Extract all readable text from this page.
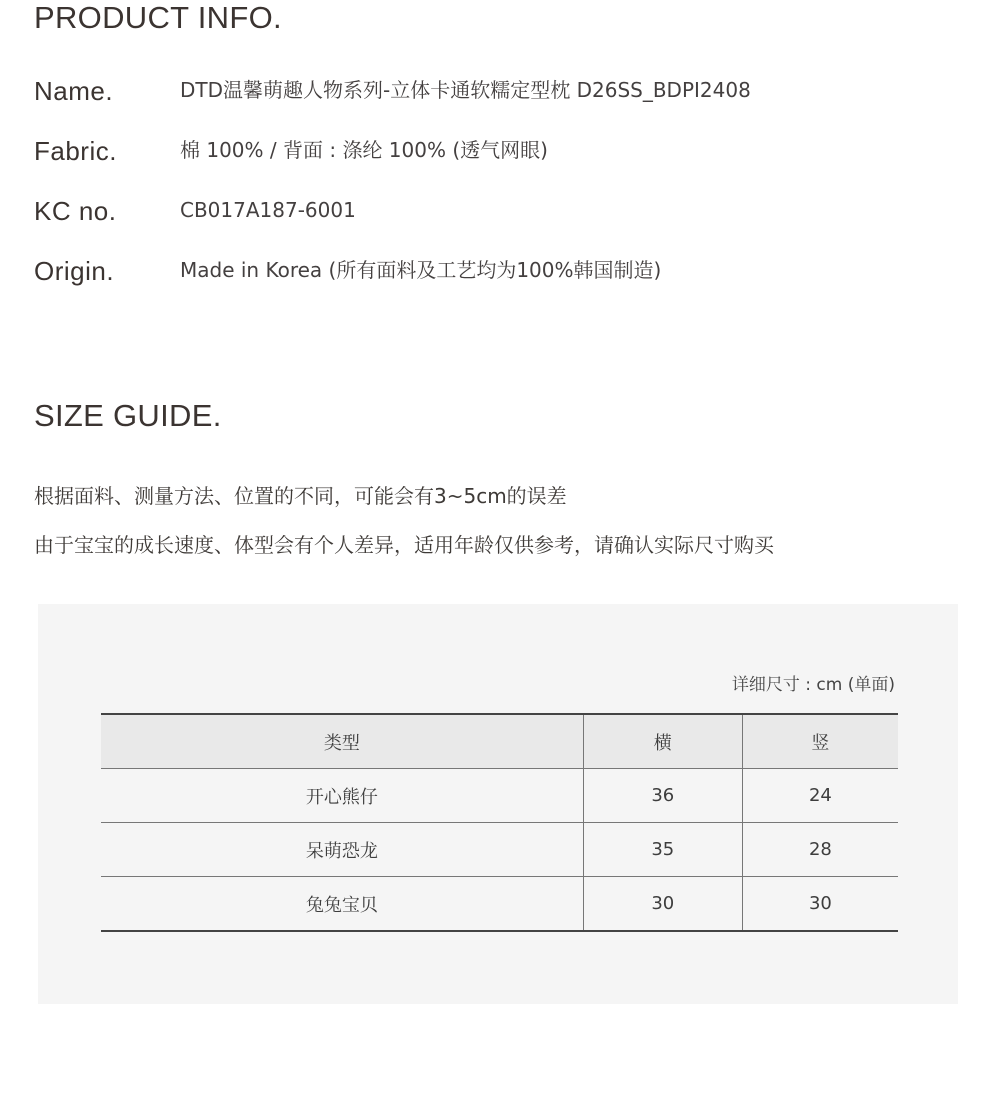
PRODUCT INFO.
Name.	DTD温馨萌趣人物系列-立体卡通软糯定型枕 D26SS_BDPI2408
Fabric.	棉 100% / 背面 : 涤纶 100% (透气网眼)
KC no.	CB017A187-6001
Origin.	Made in Korea (所有面料及工艺均为100%韩国制造)
SIZE GUIDE.

根据面料、测量方法、位置的不同，可能会有3~5cm的误差

由于宝宝的成长速度、体型会有个人差异，适用年龄仅供参考，请确认实际尺寸购买

详细尺寸 : cm (单面)
类型	横	竖
开心熊仔	36	24
呆萌恐龙	35	28
兔兔宝贝	30	30
